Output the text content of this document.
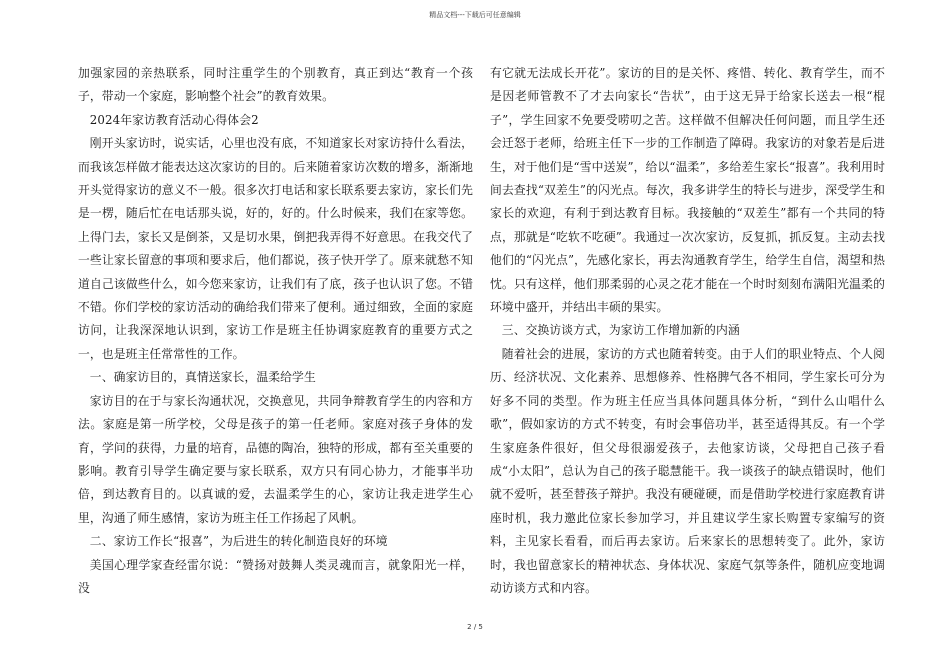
精品文档---下载后可任意编辑

加强家园的亲热联系，同时注重学生的个别教育，真正到达“教育一个孩子，带动一个家庭，影响整个社会”的教育效果。

2024年家访教育活动心得体会2

刚开头家访时，说实话，心里也没有底，不知道家长对家访持什么看法，而我该怎样做才能表达这次家访的目的。后来随着家访次数的增多，渐渐地开头觉得家访的意义不一般。很多次打电话和家长联系要去家访，家长们先是一楞，随后忙在电话那头说，好的，好的。什么时候来，我们在家等您。上得门去，家长又是倒茶，又是切水果，倒把我弄得不好意思。在我交代了一些让家长留意的事项和要求后，他们都说，孩子快开学了。原来就愁不知道自己该做些什么，如今您来家访，让我们有了底，孩子也认识了您。不错不错。你们学校的家访活动的确给我们带来了便利。通过细致，全面的家庭访问，让我深深地认识到，家访工作是班主任协调家庭教育的重要方式之一，也是班主任常常性的工作。

一、确家访目的，真情送家长，温柔给学生

家访目的在于与家长沟通状况，交换意见，共同争辩教育学生的内容和方法。家庭是第一所学校，父母是孩子的第一任老师。家庭对孩子身体的发育，学问的获得，力量的培育，品德的陶冶，独特的形成，都有至关重要的影响。教育引导学生确定要与家长联系，双方只有同心协力，才能事半功倍，到达教育目的。以真诚的爱，去温柔学生的心，家访让我走进学生心里，沟通了师生感情，家访为班主任工作扬起了风帆。

二、家访工作长“报喜”，为后进生的转化制造良好的环境

美国心理学家查经雷尔说：“赞扬对鼓舞人类灵魂而言，就象阳光一样，没

有它就无法成长开花”。家访的目的是关怀、疼惜、转化、教育学生，而不是因老师管教不了才去向家长“告状”，由于这无异于给家长送去一根“棍子”，学生回家不免要受唠叨之苦。这样做不但解决任何问题，而且学生还会迁怒于老师，给班主任下一步的工作制造了障碍。我家访的对象若是后进生，对于他们是“雪中送炭”，给以“温柔”，多给差生家长“报喜”。我利用时间去查找“双差生”的闪光点。每次，我多讲学生的特长与进步，深受学生和家长的欢迎，有利于到达教育目标。我接触的“双差生”都有一个共同的特点，那就是“吃软不吃硬”。我通过一次次家访，反复抓，抓反复。主动去找他们的“闪光点”，先感化家长，再去沟通教育学生，给学生自信，渴望和热忱。只有这样，他们那柔弱的心灵之花才能在一个时时刻刻布满阳光温柔的环境中盛开，并结出丰硕的果实。

三、交换访谈方式，为家访工作增加新的内涵

随着社会的进展，家访的方式也随着转变。由于人们的职业特点、个人阅历、经济状况、文化素养、思想修养、性格脾气各不相同，学生家长可分为好多不同的类型。作为班主任应当具体问题具体分析，“到什么山唱什么歌”，假如家访的方式不转变，有时会事倍功半，甚至适得其反。有一个学生家庭条件很好，但父母很溺爱孩子，去他家访谈，父母把自己孩子看成“小太阳”，总认为自己的孩子聪慧能干。我一谈孩子的缺点错误时，他们就不爱听，甚至替孩子辩护。我没有硬碰硬，而是借助学校进行家庭教育讲座时机，我力邀此位家长参加学习，并且建议学生家长购置专家编写的资料，主见家长看看，而后再去家访。后来家长的思想转变了。此外，家访时，我也留意家长的精神状态、身体状况、家庭气氛等条件，随机应变地调动访谈方式和内容。

2 / 5
